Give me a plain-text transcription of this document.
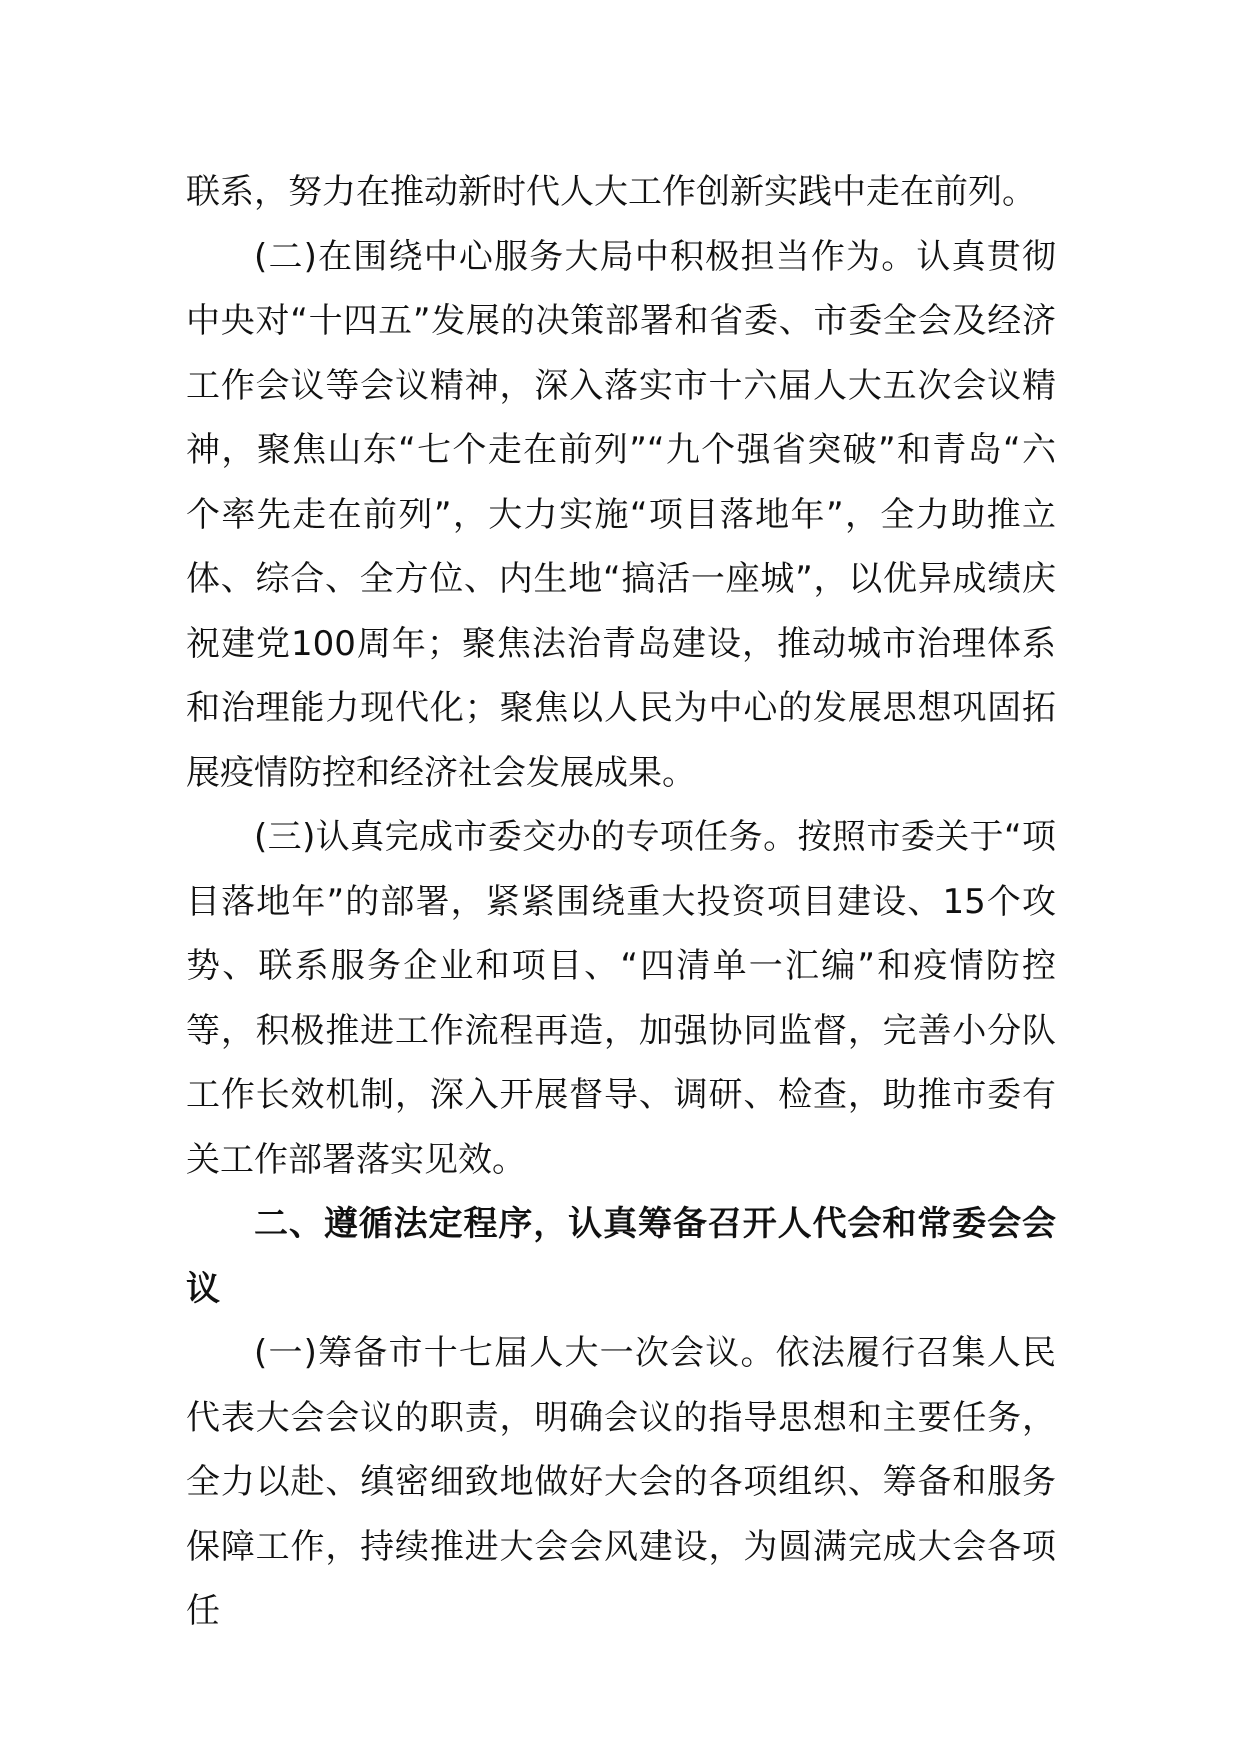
联系，努力在推动新时代人大工作创新实践中走在前列。

(二)在围绕中心服务大局中积极担当作为。认真贯彻中央对“十四五”发展的决策部署和省委、市委全会及经济工作会议等会议精神，深入落实市十六届人大五次会议精神，聚焦山东“七个走在前列”“九个强省突破”和青岛“六个率先走在前列”，大力实施“项目落地年”，全力助推立体、综合、全方位、内生地“搞活一座城”，以优异成绩庆祝建党100周年；聚焦法治青岛建设，推动城市治理体系和治理能力现代化；聚焦以人民为中心的发展思想巩固拓展疫情防控和经济社会发展成果。

(三)认真完成市委交办的专项任务。按照市委关于“项目落地年”的部署，紧紧围绕重大投资项目建设、15个攻势、联系服务企业和项目、“四清单一汇编”和疫情防控等，积极推进工作流程再造，加强协同监督，完善小分队工作长效机制，深入开展督导、调研、检查，助推市委有关工作部署落实见效。

二、遵循法定程序，认真筹备召开人代会和常委会会议

(一)筹备市十七届人大一次会议。依法履行召集人民代表大会会议的职责，明确会议的指导思想和主要任务，全力以赴、缜密细致地做好大会的各项组织、筹备和服务保障工作，持续推进大会会风建设，为圆满完成大会各项任
